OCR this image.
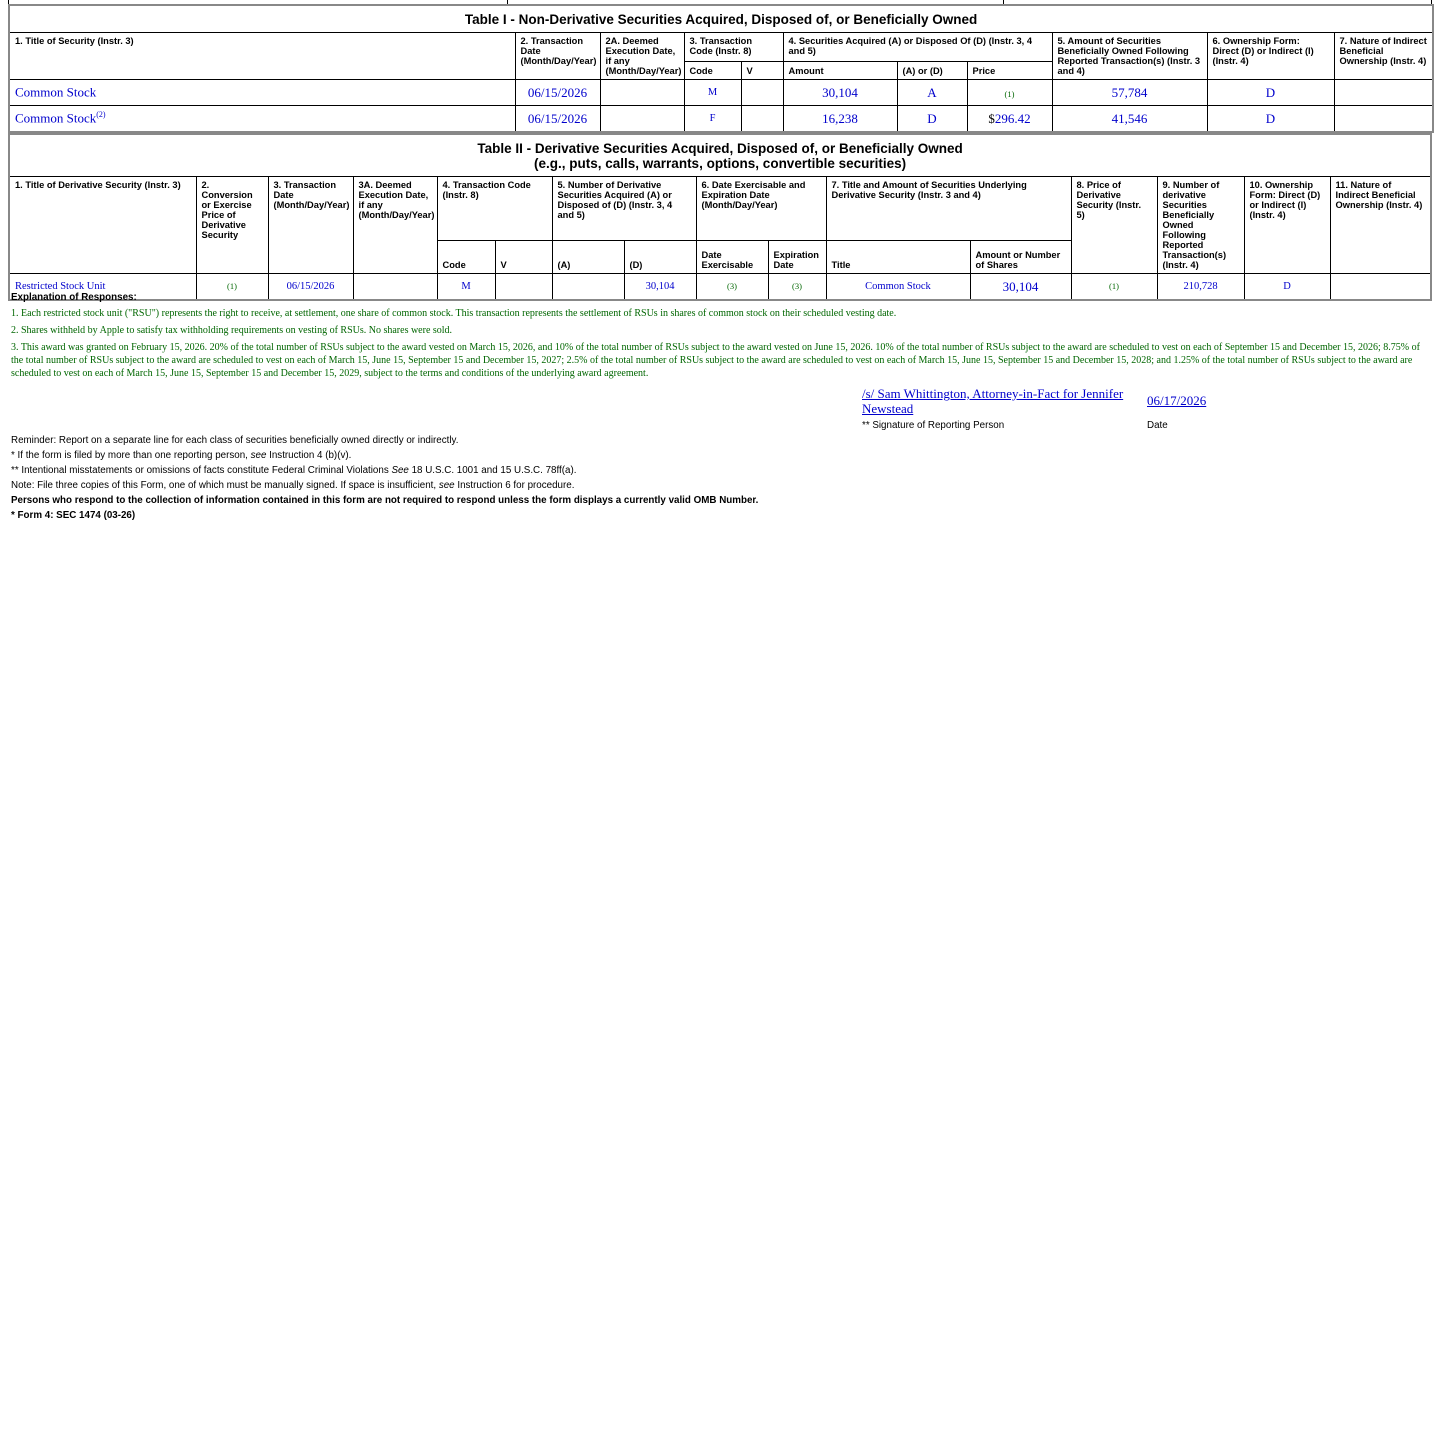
Table I - Non-Derivative Securities Acquired, Disposed of, or Beneficially Owned										
1. Title of Security (Instr. 3)	2. Transaction Date (Month/Day/Year)	2A. Deemed Execution Date, if any (Month/Day/Year)	3. Transaction Code (Instr. 8)		4. Securities Acquired (A) or Disposed Of (D) (Instr. 3, 4 and 5)			5. Amount of Securities Beneficially Owned Following Reported Transaction(s) (Instr. 3 and 4)	6. Ownership Form: Direct (D) or Indirect (I) (Instr. 4)	7. Nature of Indirect Beneficial Ownership (Instr. 4)
			Code	V	Amount	(A) or (D)	Price			
Common Stock	06/15/2026		M		30,104	A	(1)	57,784	D	
Common Stock$^{(2)}$	06/15/2026		F		16,238	D	$296.42	41,546	D	
Table II - Derivative Securities Acquired, Disposed of, or Beneficially Owned
(e.g., puts, calls, warrants, options, convertible securities)															

1. Title of Derivative Security (Instr. 3)	2. Conversion or Exercise Price of Derivative Security	3. Transaction Date (Month/Day/Year)	3A. Deemed Execution Date, if any (Month/Day/Year)	4. Transaction Code (Instr. 8)		5. Number of Derivative Securities Acquired (A) or Disposed of (D) (Instr. 3, 4 and 5)		6. Date Exercisable and Expiration Date (Month/Day/Year)		7. Title and Amount of Securities Underlying Derivative Security (Instr. 3 and 4)		8. Price of Derivative Security (Instr. 5)	9. Number of derivative Securities Beneficially Owned Following Reported Transaction(s) (Instr. 4)	10. Ownership Form: Direct (D) or Indirect (I) (Instr. 4)	11. Nature of Indirect Beneficial Ownership (Instr. 4)
				Code	V	(A)	(D)	Date Exercisable	Expiration Date	Title	Amount or Number of Shares				
Restricted Stock Unit	(1)	06/15/2026		M			30,104	(3)	(3)	Common Stock	30,104	(1)	210,728	D	
Explanation of Responses:
1. Each restricted stock unit ("RSU") represents the right to receive, at settlement, one share of common stock. This transaction represents the settlement of RSUs in shares of common stock on their scheduled vesting date.
2. Shares withheld by Apple to satisfy tax withholding requirements on vesting of RSUs. No shares were sold.
3. This award was granted on February 15, 2026. 20% of the total number of RSUs subject to the award vested on March 15, 2026, and 10% of the total number of RSUs subject to the award vested on June 15, 2026. 10% of the total number of RSUs subject to the award are scheduled to vest on each of September 15 and December 15, 2026; 8.75% of the total number of RSUs subject to the award are scheduled to vest on each of March 15, June 15, September 15 and December 15, 2027; 2.5% of the total number of RSUs subject to the award are scheduled to vest on each of March 15, June 15, September 15 and December 15, 2028; and 1.25% of the total number of RSUs subject to the award are scheduled to vest on each of March 15, June 15, September 15 and December 15, 2029, subject to the terms and conditions of the underlying award agreement.
/s/ Sam Whittington, Attorney-in-Fact for Jennifer Newstead
06/17/2026
** Signature of Reporting Person	Date
Reminder: Report on a separate line for each class of securities beneficially owned directly or indirectly.
* If the form is filed by more than one reporting person, see Instruction 4 (b)(v).
** Intentional misstatements or omissions of facts constitute Federal Criminal Violations See 18 U.S.C. 1001 and 15 U.S.C. 78ff(a).
Note: File three copies of this Form, one of which must be manually signed. If space is insufficient, see Instruction 6 for procedure.
Persons who respond to the collection of information contained in this form are not required to respond unless the form displays a currently valid OMB Number.
* Form 4: SEC 1474 (03-26)
